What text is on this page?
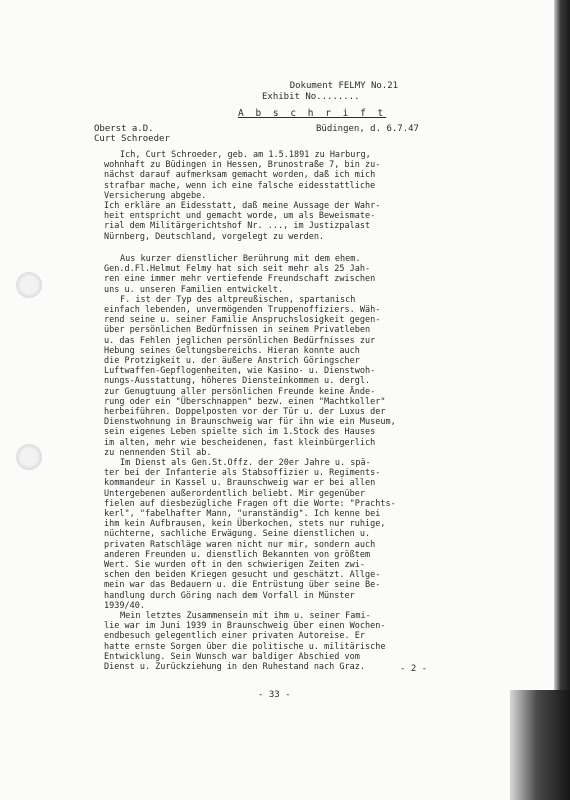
Dokument FELMY No.21

Exhibit No........
A b s c h r i f t
Oberst a.D.
Curt Schroeder
Büdingen, d. 6.7.47
Ich, Curt Schroeder, geb. am 1.5.1891 zu Harburg,
wohnhaft zu Büdingen in Hessen, Brunostraße 7, bin zu-
nächst darauf aufmerksam gemacht worden, daß ich mich
strafbar mache, wenn ich eine falsche eidesstattliche
Versicherung abgebe.
Ich erkläre an Eidesstatt, daß meine Aussage der Wahr-
heit entspricht und gemacht worde, um als Beweismate-
rial dem Militärgerichtshof Nr. ..., im Justizpalast
Nürnberg, Deutschland, vorgelegt zu werden.
Aus kurzer dienstlicher Berührung mit dem ehem.
Gen.d.Fl.Helmut Felmy hat sich seit mehr als 25 Jah-
ren eine immer mehr vertiefende Freundschaft zwischen
uns u. unseren Familien entwickelt.
F. ist der Typ des altpreußischen, spartanisch
einfach lebenden, unvermögenden Truppenoffiziers. Wäh-
rend seine u. seiner Familie Anspruchslosigkeit gegen-
über persönlichen Bedürfnissen in seinem Privatleben
u. das Fehlen jeglichen persönlichen Bedürfnisses zur
Hebung seines Geltungsbereichs. Hieran konnte auch
die Protzigkeit u. der äußere Anstrich Göringscher
Luftwaffen-Gepflogenheiten, wie Kasino- u. Dienstwoh-
nungs-Ausstattung, höheres Diensteinkommen u. dergl.
zur Genugtuung aller persönlichen Freunde keine Ände-
rung oder ein "Überschnappen" bezw. einen "Machtkoller"
herbeiführen. Doppelposten vor der Tür u. der Luxus der
Dienstwohnung in Braunschweig war für ihn wie ein Museum,
sein eigenes Leben spielte sich im 1.Stock des Hauses
im alten, mehr wie bescheidenen, fast kleinbürgerlich
zu nennenden Stil ab.
Im Dienst als Gen.St.Offz. der 20er Jahre u. spä-
ter bei der Infanterie als Stabsoffizier u. Regiments-
kommandeur in Kassel u. Braunschweig war er bei allen
Untergebenen außerordentlich beliebt. Mir gegenüber
fielen auf diesbezügliche Fragen oft die Worte: "Prachts-
kerl", "fabelhafter Mann, "uranständig". Ich kenne bei
ihm kein Aufbrausen, kein Überkochen, stets nur ruhige,
nüchterne, sachliche Erwägung. Seine dienstlichen u.
privaten Ratschläge waren nicht nur mir, sondern auch
anderen Freunden u. dienstlich Bekannten von größtem
Wert. Sie wurden oft in den schwierigen Zeiten zwi-
schen den beiden Kriegen gesucht und geschätzt. Allge-
mein war das Bedauern u. die Entrüstung über seine Be-
handlung durch Göring nach dem Vorfall in Münster
1939/40.
Mein letztes Zusammensein mit ihm u. seiner Fami-
lie war im Juni 1939 in Braunschweig über einen Wochen-
endbesuch gelegentlich einer privaten Autoreise. Er
hatte ernste Sorgen über die politische u. militärische
Entwicklung. Sein Wunsch war baldiger Abschied vom
Dienst u. Zurückziehung in den Ruhestand nach Graz.	- 2 -
- 33 -
